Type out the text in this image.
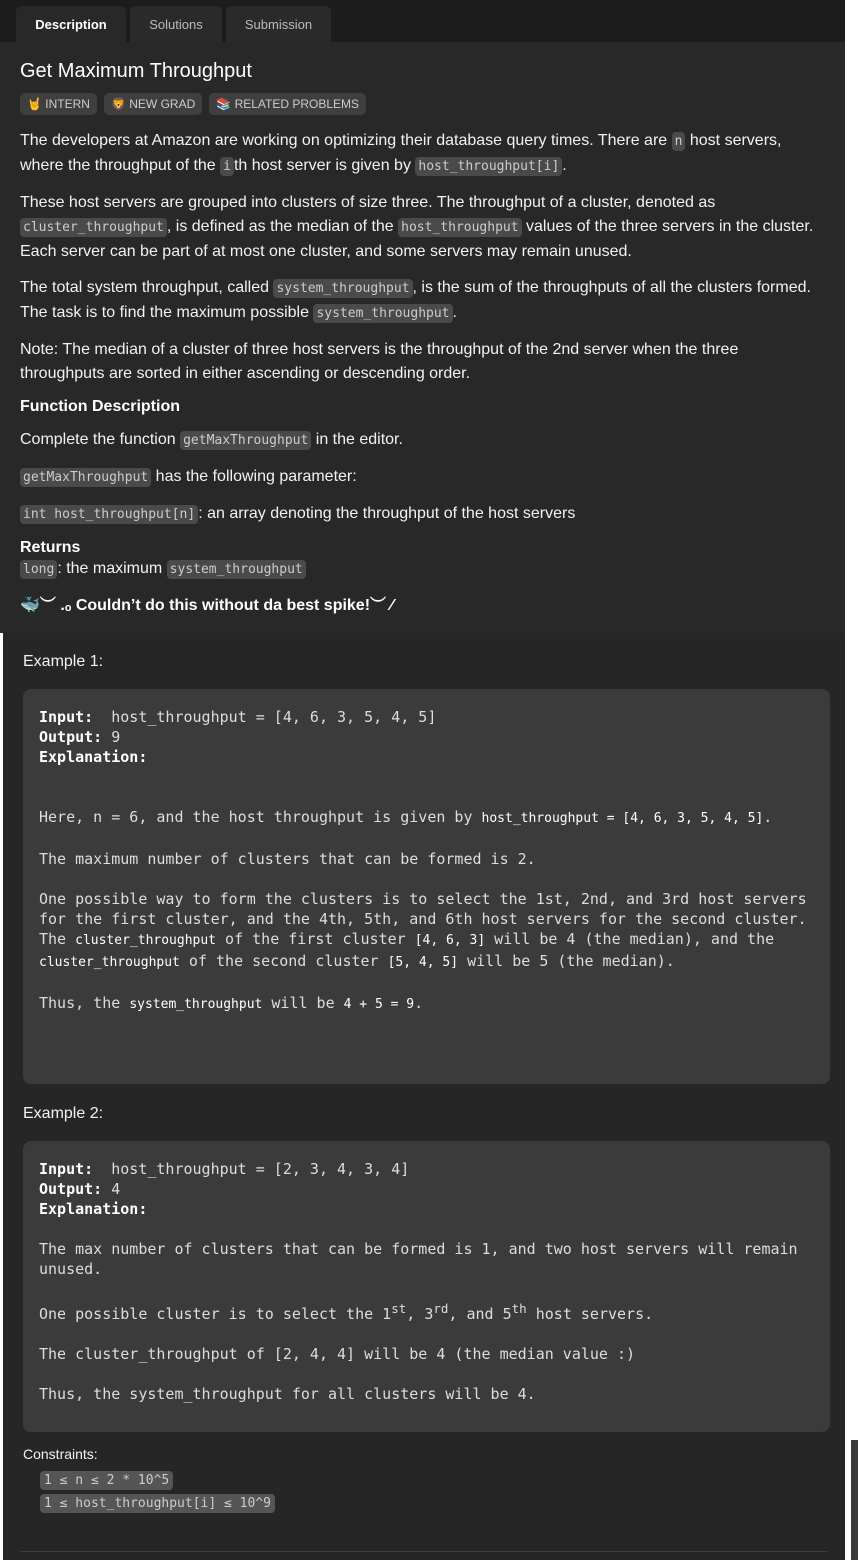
Description	Solutions	Submission
Get Maximum Throughput
🤘 INTERN	🦁 NEW GRAD	📚 RELATED PROBLEMS

The developers at Amazon are working on optimizing their database query times. There are n host servers, where the throughput of the i th host server is given by host_throughput[i] .

These host servers are grouped into clusters of size three. The throughput of a cluster, denoted as cluster_throughput , is defined as the median of the host_throughput values of the three servers in the cluster. Each server can be part of at most one cluster, and some servers may remain unused.

The total system throughput, called system_throughput , is the sum of the throughputs of all the clusters formed. The task is to find the maximum possible system_throughput .

Note: The median of a cluster of three host servers is the throughput of the 2nd server when the three throughputs are sorted in either ascending or descending order.

Function Description

Complete the function getMaxThroughput in the editor.

getMaxThroughput has the following parameter:

int host_throughput[n] : an array denoting the throughput of the host servers

Returns

long : the maximum system_throughput

🐳︶ .ₒ Couldn’t do this without da best spike!︶ ⁄
Example 1:
Input:  host_throughput = [4, 6, 3, 5, 4, 5]
Output: 9
Explanation:

Here, n = 6, and the host throughput is given by host_throughput = [4, 6, 3, 5, 4, 5].

The maximum number of clusters that can be formed is 2.

One possible way to form the clusters is to select the 1st, 2nd, and 3rd host servers for the first cluster, and the 4th, 5th, and 6th host servers for the second cluster. The cluster_throughput of the first cluster [4, 6, 3] will be 4 (the median), and the cluster_throughput of the second cluster [5, 4, 5] will be 5 (the median).

Thus, the system_throughput will be 4 + 5 = 9.
Example 2:
Input:  host_throughput = [2, 3, 4, 3, 4]
Output: 4
Explanation:

The max number of clusters that can be formed is 1, and two host servers will remain unused.

One possible cluster is to select the 1st, 3rd, and 5th host servers.

The cluster_throughput of [2, 4, 4] will be 4 (the median value :)

Thus, the system_throughput for all clusters will be 4.
Constraints:
1 ≤ n ≤ 2 * 10^5
1 ≤ host_throughput[i] ≤ 10^9
